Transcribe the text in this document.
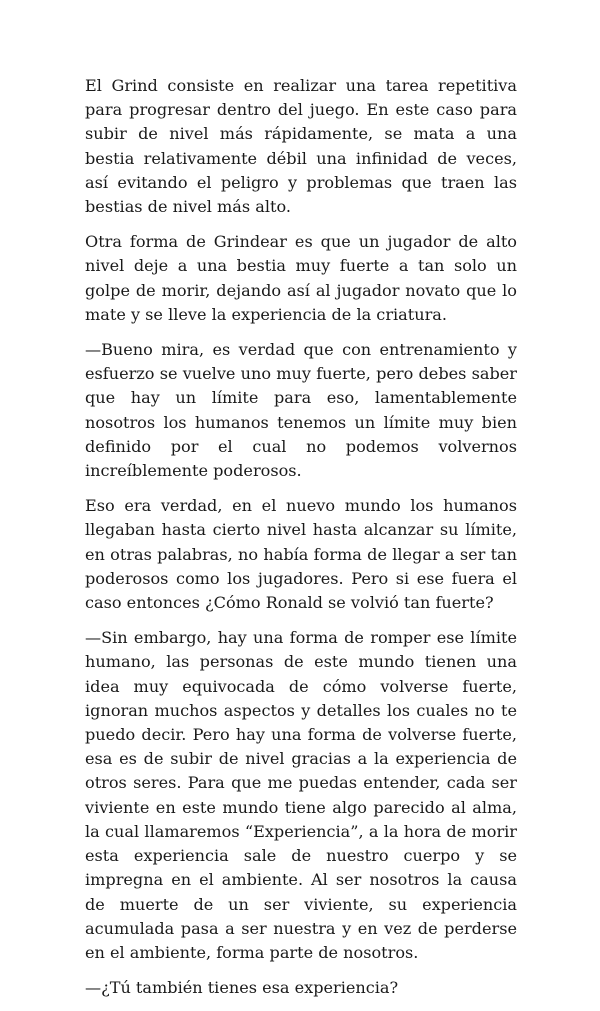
El Grind consiste en realizar una tarea repetitiva para progresar dentro del juego. En este caso para subir de nivel más rápidamente, se mata a una bestia relativamente débil una infinidad de veces, así evitando el peligro y problemas que traen las bestias de nivel más alto.

Otra forma de Grindear es que un jugador de alto nivel deje a una bestia muy fuerte a tan solo un golpe de morir, dejando así al jugador novato que lo mate y se lleve la experiencia de la criatura.

—Bueno mira, es verdad que con entrenamiento y esfuerzo se vuelve uno muy fuerte, pero debes saber que hay un límite para eso, lamentablemente nosotros los humanos tenemos un límite muy bien definido por el cual no podemos volvernos increíblemente poderosos.

Eso era verdad, en el nuevo mundo los humanos llegaban hasta cierto nivel hasta alcanzar su límite, en otras palabras, no había forma de llegar a ser tan poderosos como los jugadores. Pero si ese fuera el caso entonces ¿Cómo Ronald se volvió tan fuerte?

—Sin embargo, hay una forma de romper ese límite humano, las personas de este mundo tienen una idea muy equivocada de cómo volverse fuerte, ignoran muchos aspectos y detalles los cuales no te puedo decir. Pero hay una forma de volverse fuerte, esa es de subir de nivel gracias a la experiencia de otros seres. Para que me puedas entender, cada ser viviente en este mundo tiene algo parecido al alma, la cual llamaremos “Experiencia”, a la hora de morir esta experiencia sale de nuestro cuerpo y se impregna en el ambiente. Al ser nosotros la causa de muerte de un ser viviente, su experiencia acumulada pasa a ser nuestra y en vez de perderse en el ambiente, forma parte de nosotros.

—¿Tú también tienes esa experiencia?
